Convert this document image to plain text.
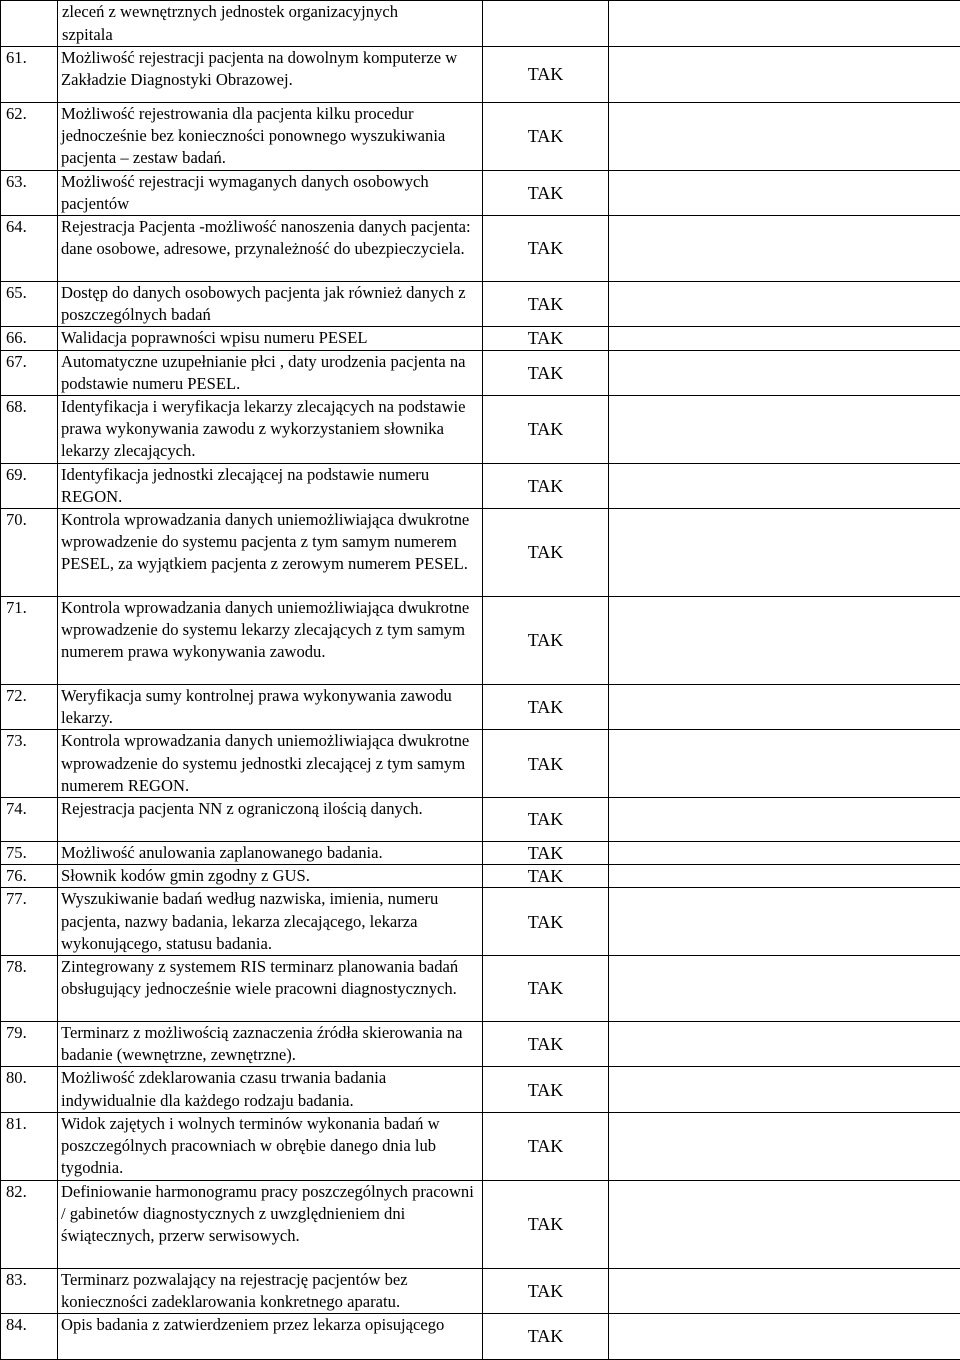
	zleceń z wewnętrznych jednostek organizacyjnych
szpitala		

61.	Możliwość rejestracji pacjenta na dowolnym komputerze w Zakładzie Diagnostyki Obrazowej.	TAK	
62.	Możliwość rejestrowania dla pacjenta kilku procedur jednocześnie bez konieczności ponownego wyszukiwania pacjenta – zestaw badań.	TAK	
63.	Możliwość rejestracji wymaganych danych osobowych pacjentów	TAK	
64.	Rejestracja Pacjenta -możliwość nanoszenia danych pacjenta: dane osobowe, adresowe, przynależność do ubezpieczyciela.	TAK	
65.	Dostęp do danych osobowych pacjenta jak również danych z poszczególnych badań	TAK	
66.	Walidacja poprawności wpisu numeru PESEL	TAK	
67.	Automatyczne uzupełnianie płci , daty urodzenia pacjenta na podstawie numeru PESEL.	TAK	
68.	Identyfikacja i weryfikacja lekarzy zlecających na podstawie prawa wykonywania zawodu z wykorzystaniem słownika lekarzy zlecających.	TAK	
69.	Identyfikacja jednostki zlecającej na podstawie numeru REGON.	TAK	
70.	Kontrola wprowadzania danych uniemożliwiająca dwukrotne wprowadzenie do systemu pacjenta z tym samym numerem PESEL, za wyjątkiem pacjenta z zerowym numerem PESEL.	TAK	
71.	Kontrola wprowadzania danych uniemożliwiająca dwukrotne wprowadzenie do systemu lekarzy zlecających z tym samym numerem prawa wykonywania zawodu.	TAK	
72.	Weryfikacja sumy kontrolnej prawa wykonywania zawodu lekarzy.	TAK	
73.	Kontrola wprowadzania danych uniemożliwiająca dwukrotne wprowadzenie do systemu jednostki zlecającej z tym samym numerem REGON.	TAK	
74.	Rejestracja pacjenta NN z ograniczoną ilością danych.	TAK	
75.	Możliwość anulowania zaplanowanego badania.	TAK	
76.	Słownik kodów gmin zgodny z GUS.	TAK	
77.	Wyszukiwanie badań według nazwiska, imienia, numeru pacjenta, nazwy badania, lekarza zlecającego, lekarza wykonującego, statusu badania.	TAK	
78.	Zintegrowany z systemem RIS terminarz planowania badań obsługujący jednocześnie wiele pracowni diagnostycznych.	TAK	
79.	Terminarz z możliwością zaznaczenia źródła skierowania na badanie (wewnętrzne, zewnętrzne).	TAK	
80.	Możliwość zdeklarowania czasu trwania badania indywidualnie dla każdego rodzaju badania.	TAK	
81.	Widok zajętych i wolnych terminów wykonania badań w poszczególnych pracowniach w obrębie danego dnia lub tygodnia.	TAK	
82.	Definiowanie harmonogramu pracy poszczególnych pracowni / gabinetów diagnostycznych z uwzględnieniem dni świątecznych, przerw serwisowych.	TAK	
83.	Terminarz pozwalający na rejestrację pacjentów bez konieczności zadeklarowania konkretnego aparatu.	TAK	
84.	Opis badania z zatwierdzeniem przez lekarza opisującego	TAK	
